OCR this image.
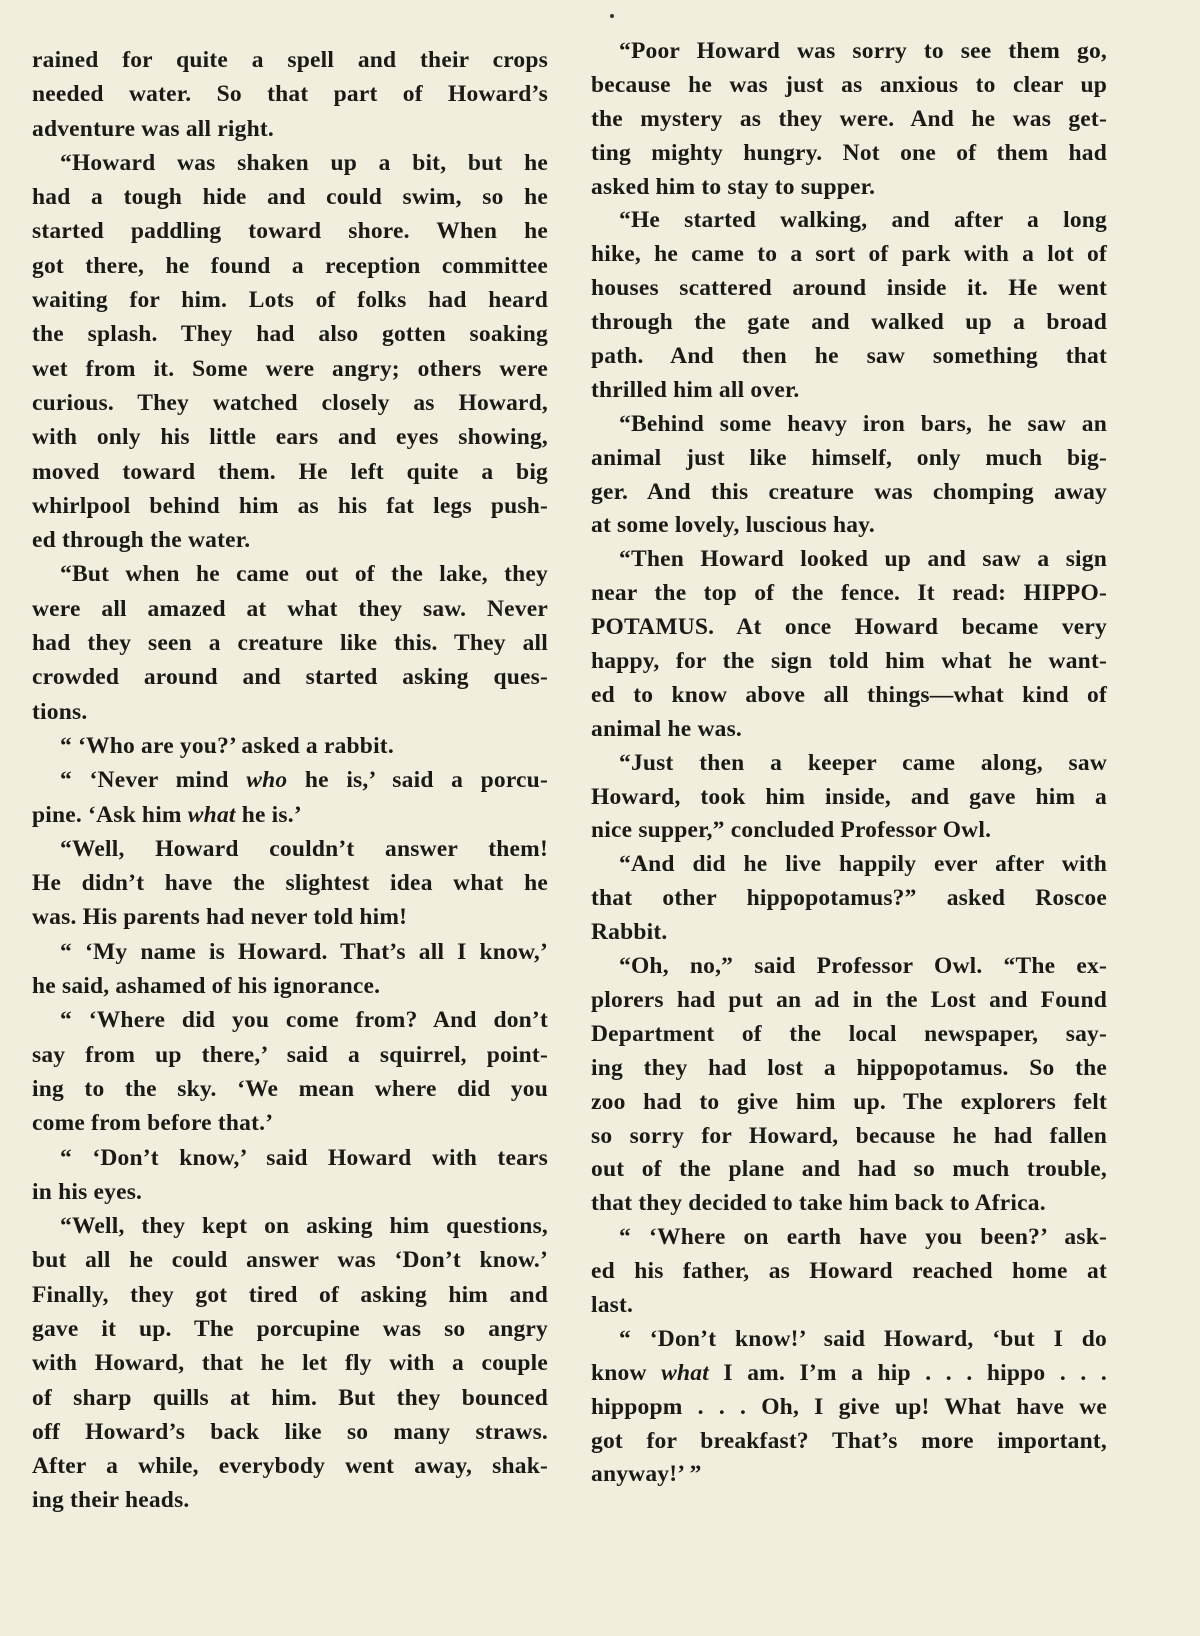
rained for quite a spell and their crops
needed water. So that part of Howard’s
adventure was all right.
“Howard was shaken up a bit, but he
had a tough hide and could swim, so he
started paddling toward shore. When he
got there, he found a reception committee
waiting for him. Lots of folks had heard
the splash. They had also gotten soaking
wet from it. Some were angry; others were
curious. They watched closely as Howard,
with only his little ears and eyes showing,
moved toward them. He left quite a big
whirlpool behind him as his fat legs push-
ed through the water.
“But when he came out of the lake, they
were all amazed at what they saw. Never
had they seen a creature like this. They all
crowded around and started asking ques-
tions.
“ ‘Who are you?’ asked a rabbit.
“ ‘Never mind who he is,’ said a porcu-
pine. ‘Ask him what he is.’
“Well, Howard couldn’t answer them!
He didn’t have the slightest idea what he
was. His parents had never told him!
“ ‘My name is Howard. That’s all I know,’
he said, ashamed of his ignorance.
“ ‘Where did you come from? And don’t
say from up there,’ said a squirrel, point-
ing to the sky. ‘We mean where did you
come from before that.’
“ ‘Don’t know,’ said Howard with tears
in his eyes.
“Well, they kept on asking him questions,
but all he could answer was ‘Don’t know.’
Finally, they got tired of asking him and
gave it up. The porcupine was so angry
with Howard, that he let fly with a couple
of sharp quills at him. But they bounced
off Howard’s back like so many straws.
After a while, everybody went away, shak-
ing their heads.
“Poor Howard was sorry to see them go,
because he was just as anxious to clear up
the mystery as they were. And he was get-
ting mighty hungry. Not one of them had
asked him to stay to supper.
“He started walking, and after a long
hike, he came to a sort of park with a lot of
houses scattered around inside it. He went
through the gate and walked up a broad
path. And then he saw something that
thrilled him all over.
“Behind some heavy iron bars, he saw an
animal just like himself, only much big-
ger. And this creature was chomping away
at some lovely, luscious hay.
“Then Howard looked up and saw a sign
near the top of the fence. It read: HIPPO-
POTAMUS. At once Howard became very
happy, for the sign told him what he want-
ed to know above all things—what kind of
animal he was.
“Just then a keeper came along, saw
Howard, took him inside, and gave him a
nice supper,” concluded Professor Owl.
“And did he live happily ever after with
that other hippopotamus?” asked Roscoe
Rabbit.
“Oh, no,” said Professor Owl. “The ex-
plorers had put an ad in the Lost and Found
Department of the local newspaper, say-
ing they had lost a hippopotamus. So the
zoo had to give him up. The explorers felt
so sorry for Howard, because he had fallen
out of the plane and had so much trouble,
that they decided to take him back to Africa.
“ ‘Where on earth have you been?’ ask-
ed his father, as Howard reached home at
last.
“ ‘Don’t know!’ said Howard, ‘but I do
know what I am. I’m a hip . . . hippo . . .
hippopm . . . Oh, I give up! What have we
got for breakfast? That’s more important,
anyway!’ ”
